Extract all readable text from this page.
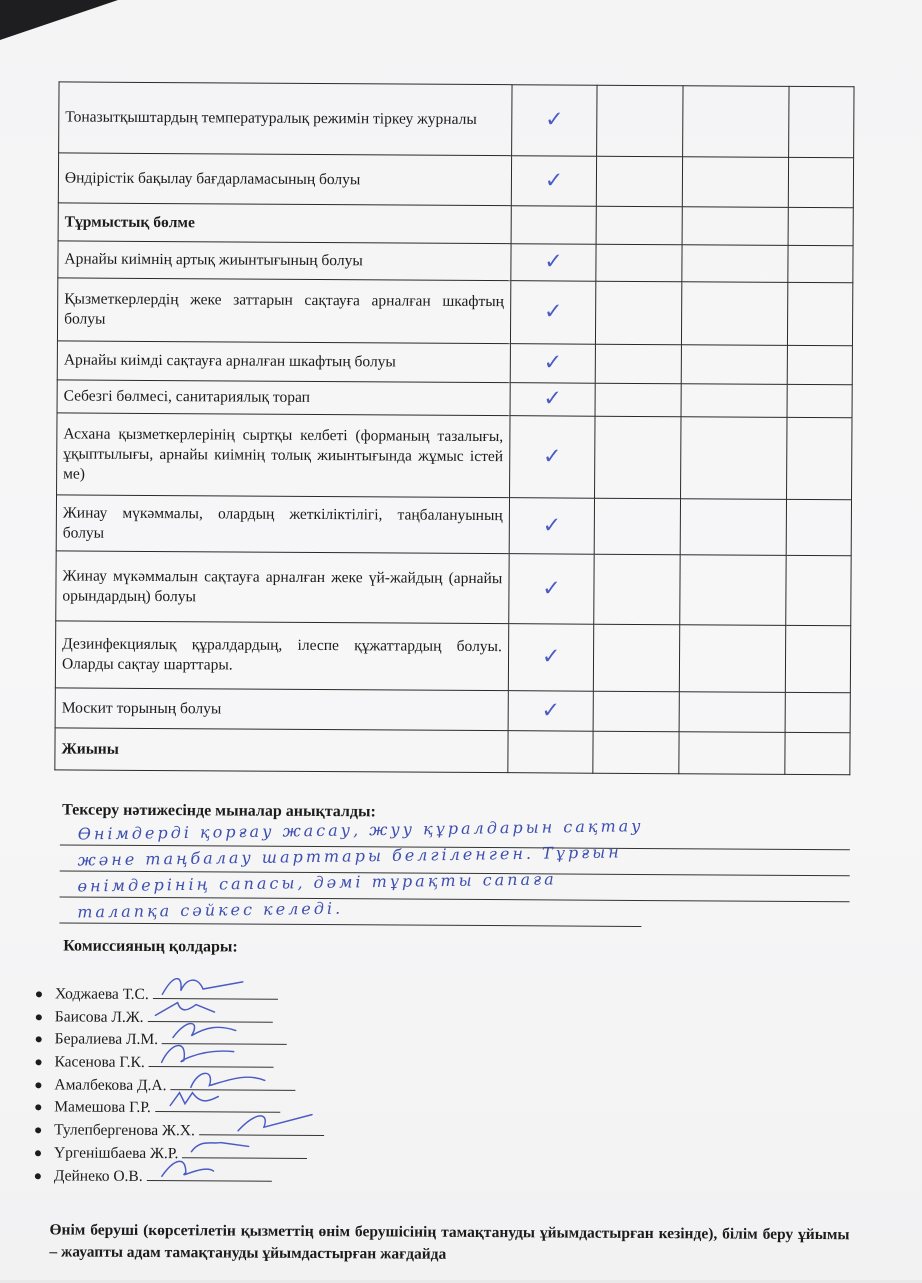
Тоназытқыштардың температуралық режимін тіркеу журналы	✓			
Өндірістік бақылау бағдарламасының болуы	✓			
Тұрмыстық бөлме				
Арнайы киімнің артық жиынтығының болуы	✓			
Қызметкерлердің жеке заттарын сақтауға арналған шкафтың болуы	✓			
Арнайы киімді сақтауға арналған шкафтың болуы	✓			
Себезгі бөлмесі, санитариялық торап	✓			
Асхана қызметкерлерінің сыртқы келбеті (форманың тазалығы, ұқыптылығы, арнайы киімнің толық жиынтығында жұмыс істей ме)	✓			
Жинау мүкәммалы, олардың жеткіліктілігі, таңбалануының болуы	✓			
Жинау мүкәммалын сақтауға арналған жеке үй-жайдың (арнайы орындардың) болуы	✓			
Дезинфекциялық құралдардың, ілеспе құжаттардың болуы. Оларды сақтау шарттары.	✓			
Москит торының болуы	✓			
Жиыны				
Тексеру нәтижесінде мыналар анықталды:
Өнімдерді қорғау жасау, жуу құралдарын сақтау
және таңбалау шарттары белгіленген. Тұрғын
өнімдерінің сапасы, дәмі тұрақты сапаға
талапқа сәйкес келеді.
Комиссияның қолдары:
Ходжаева Т.С.
Баисова Л.Ж.
Бералиева Л.М.
Касенова Г.К.
Амалбекова Д.А.
Мамешова Г.Р.
Тулепбергенова Ж.Х.
Үргенішбаева Ж.Р.
Дейнеко О.В.
Өнім беруші (көрсетілетін қызметтің өнім берушісінің тамақтануды ұйымдастырған кезінде), білім беру ұйымы – жауапты адам тамақтануды ұйымдастырған жағдайда
